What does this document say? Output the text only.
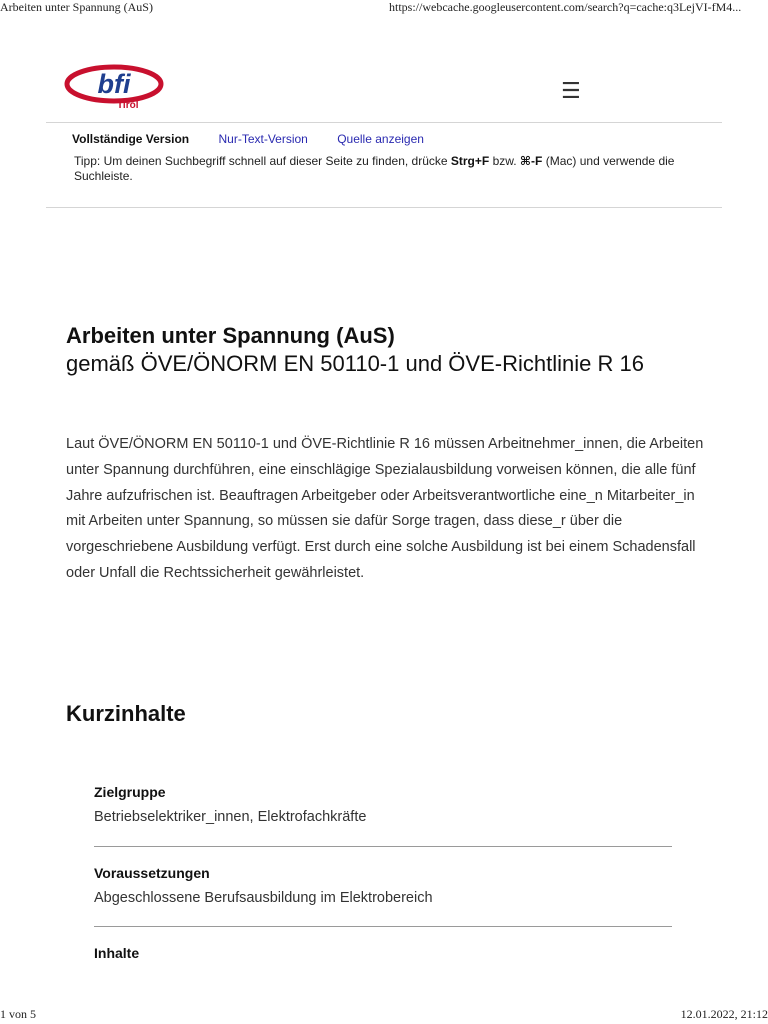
Arbeiten unter Spannung (AuS)	https://webcache.googleusercontent.com/search?q=cache:q3LejVI-fM4...
bfi
Tirol
☰
Vollständige Version Nur-Text-Version Quelle anzeigen
Tipp: Um deinen Suchbegriff schnell auf dieser Seite zu finden, drücke Strg+F bzw. ⌘-F (Mac) und verwende die Suchleiste.
Arbeiten unter Spannung (AuS)
gemäß ÖVE/ÖNORM EN 50110-1 und ÖVE-Richtlinie R 16
Laut ÖVE/ÖNORM EN 50110-1 und ÖVE-Richtlinie R 16 müssen Arbeitnehmer_innen, die Arbeiten unter Spannung durchführen, eine einschlägige Spezialausbildung vorweisen können, die alle fünf Jahre aufzufrischen ist. Beauftragen Arbeitgeber oder Arbeitsverantwortliche eine_n Mitarbeiter_in mit Arbeiten unter Spannung, so müssen sie dafür Sorge tragen, dass diese_r über die vorgeschriebene Ausbildung verfügt. Erst durch eine solche Ausbildung ist bei einem Schadensfall oder Unfall die Rechtssicherheit gewährleistet.
Kurzinhalte
Zielgruppe
Betriebselektriker_innen, Elektrofachkräfte
Voraussetzungen
Abgeschlossene Berufsausbildung im Elektrobereich
Inhalte
1 von 5	12.01.2022, 21:12
